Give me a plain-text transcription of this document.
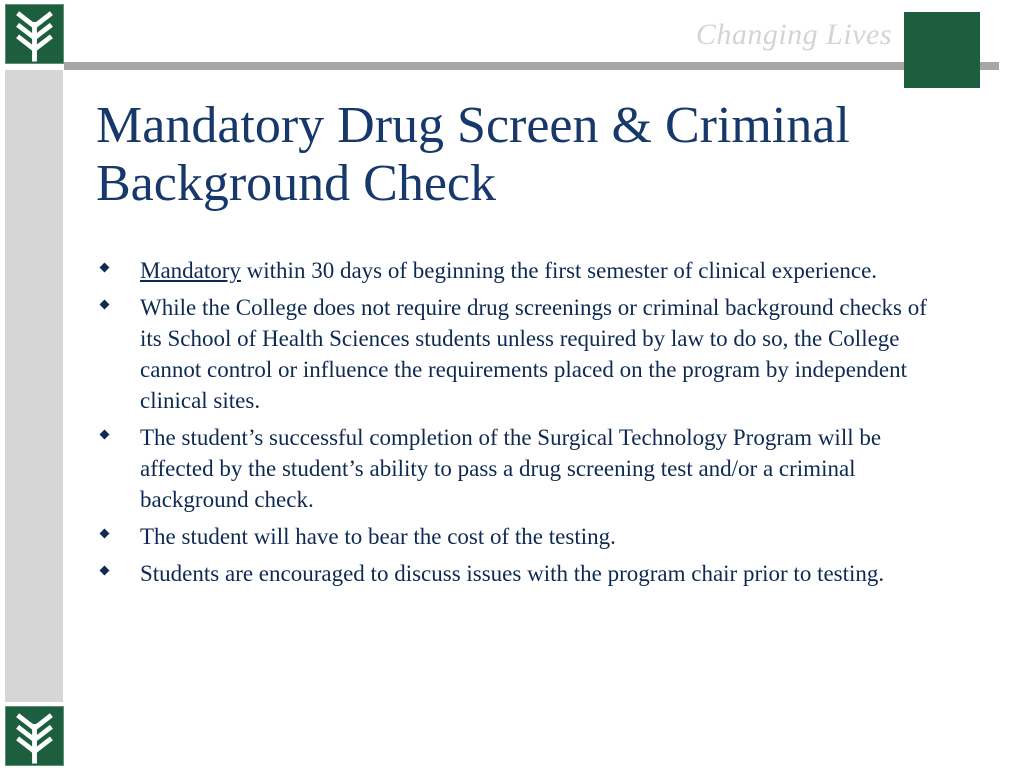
Changing Lives
Mandatory Drug Screen & Criminal
Background Check
Mandatory within 30 days of beginning the first semester of clinical experience.
While the College does not require drug screenings or criminal background checks of its School of Health Sciences students unless required by law to do so, the College cannot control or influence the requirements placed on the program by independent clinical sites.
The student’s successful completion of the Surgical Technology Program will be affected by the student’s ability to pass a drug screening test and/or a criminal background check.
The student will have to bear the cost of the testing.
Students are encouraged to discuss issues with the program chair prior to testing.
